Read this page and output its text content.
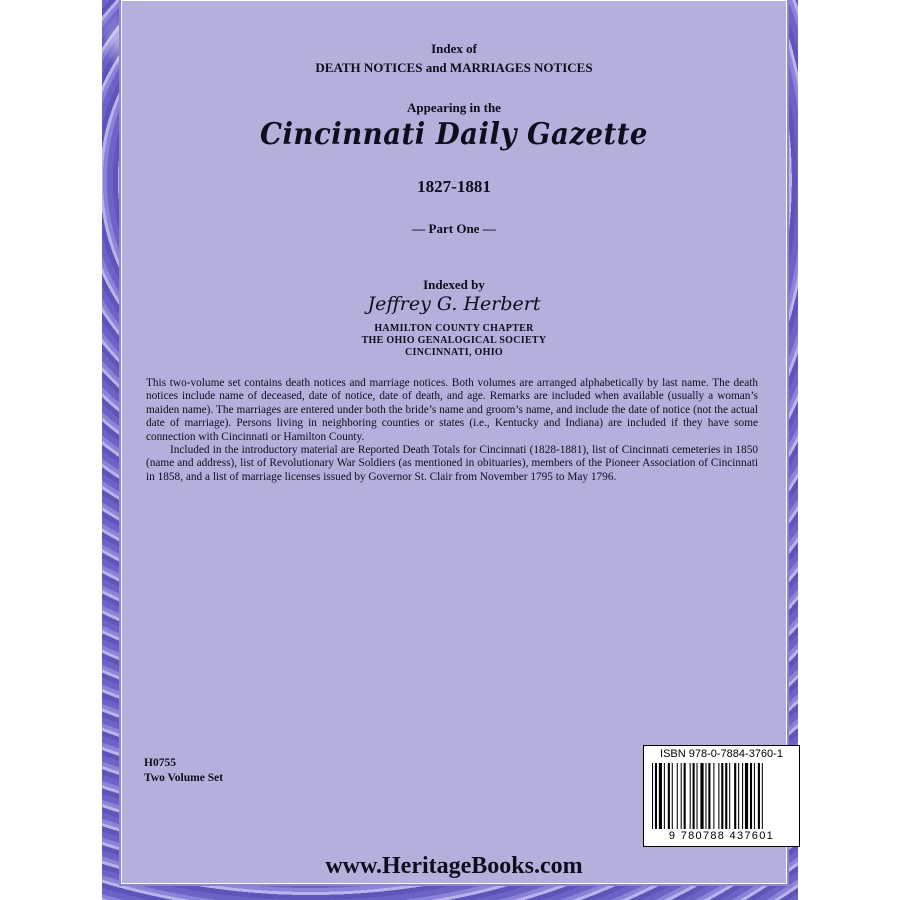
Index of
DEATH NOTICES and MARRIAGES NOTICES
Appearing in the
Cincinnati Daily Gazette
1827-1881
— Part One —
Indexed by
Jeffrey G. Herbert
HAMILTON COUNTY CHAPTER
THE OHIO GENALOGICAL SOCIETY
CINCINNATI, OHIO

This two-volume set contains death notices and marriage notices. Both volumes are arranged alphabetically by last name. The death notices include name of deceased, date of notice, date of death, and age. Remarks are included when available (usually a woman’s maiden name). The marriages are entered under both the bride’s name and groom’s name, and include the date of notice (not the actual date of marriage). Persons living in neighboring counties or states (i.e., Kentucky and Indiana) are included if they have some connection with Cincinnati or Hamilton County.

Included in the introductory material are Reported Death Totals for Cincinnati (1828-1881), list of Cincinnati cemeteries in 1850 (name and address), list of Revolutionary War Soldiers (as mentioned in obituaries), members of the Pioneer Association of Cincinnati in 1858, and a list of marriage licenses issued by Governor St. Clair from November 1795 to May 1796.

H0755
Two Volume Set
www.HeritageBooks.com
ISBN 978-0-7884-3760-1
9 780788 437601
